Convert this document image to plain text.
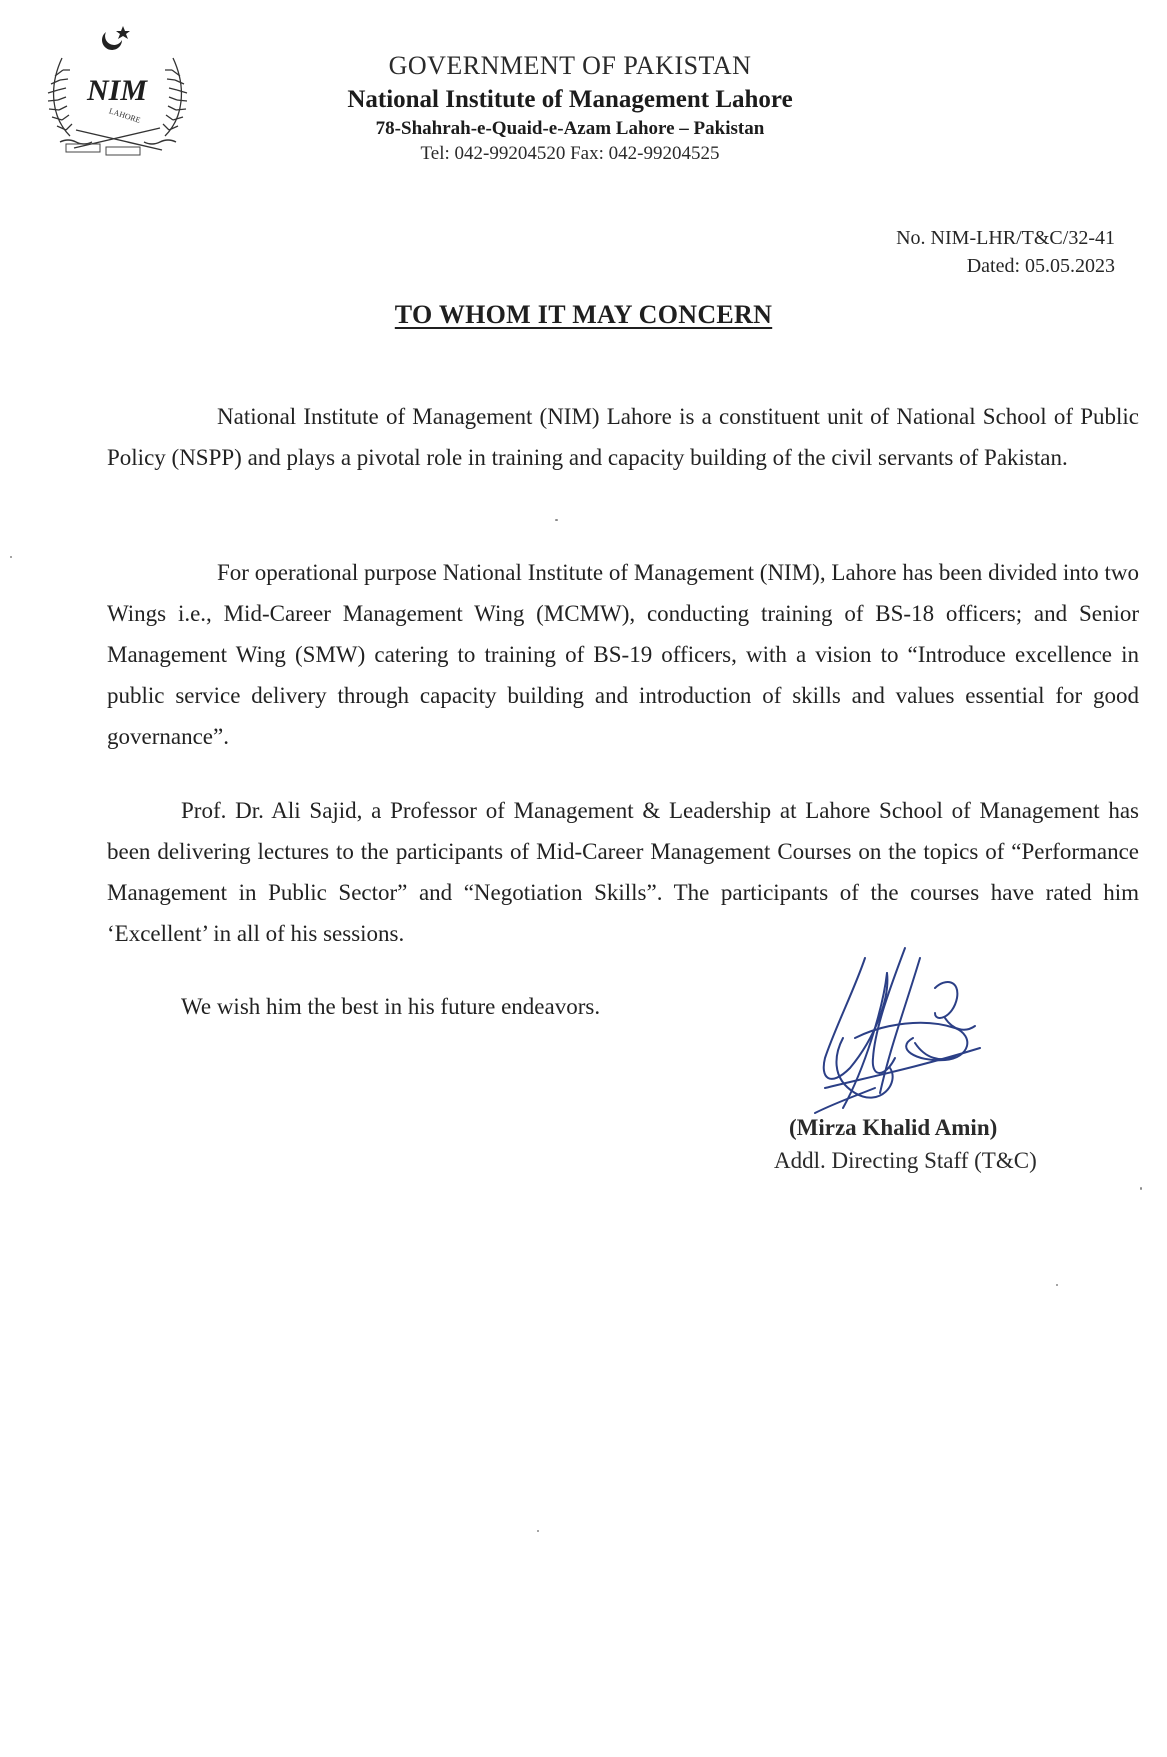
NIM
LAHORE
GOVERNMENT OF PAKISTAN
National Institute of Management Lahore
78-Shahrah-e-Quaid-e-Azam Lahore – Pakistan
Tel: 042-99204520 Fax: 042-99204525
No. NIM-LHR/T&C/32-41
Dated: 05.05.2023
TO WHOM IT MAY CONCERN
National Institute of Management (NIM) Lahore is a constituent unit of National School of Public Policy (NSPP) and plays a pivotal role in training and capacity building of the civil servants of Pakistan.
For operational purpose National Institute of Management (NIM), Lahore has been divided into two Wings i.e., Mid-Career Management Wing (MCMW), conducting training of BS-18 officers; and Senior Management Wing (SMW) catering to training of BS-19 officers, with a vision to “Introduce excellence in public service delivery through capacity building and introduction of skills and values essential for good governance”.
Prof. Dr. Ali Sajid, a Professor of Management & Leadership at Lahore School of Management has been delivering lectures to the participants of Mid-Career Management Courses on the topics of “Performance Management in Public Sector” and “Negotiation Skills”. The participants of the courses have rated him ‘Excellent’ in all of his sessions.
We wish him the best in his future endeavors.
(Mirza Khalid Amin)
Addl. Directing Staff (T&C)
